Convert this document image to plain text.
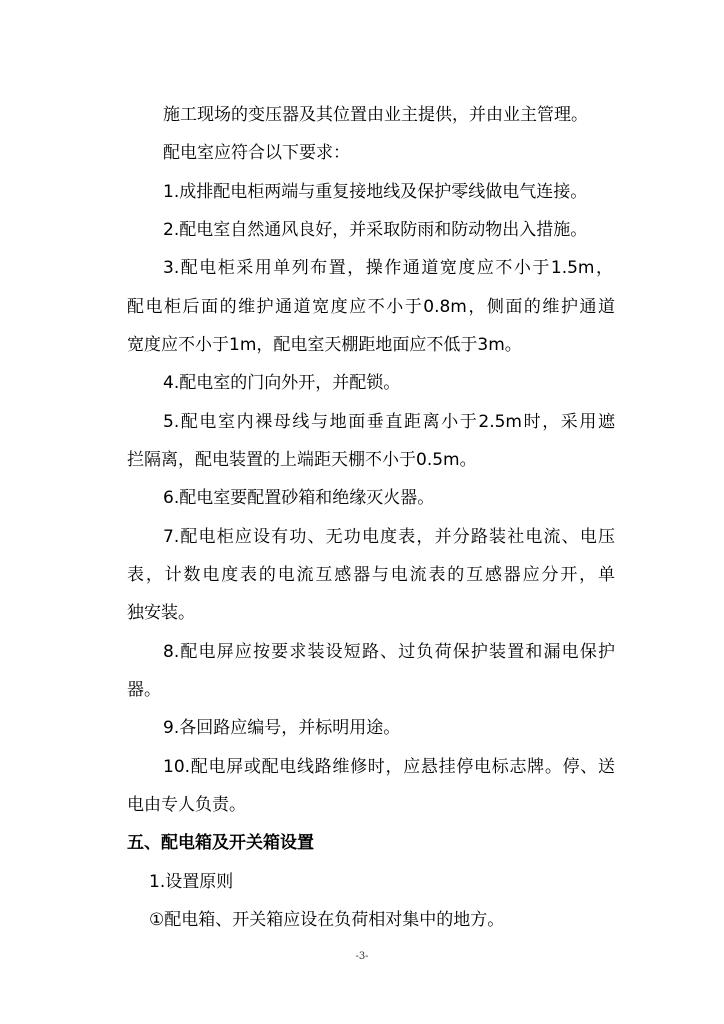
施工现场的变压器及其位置由业主提供，并由业主管理。

配电室应符合以下要求：

1.成排配电柜两端与重复接地线及保护零线做电气连接。

2.配电室自然通风良好，并采取防雨和防动物出入措施。

3.配电柜采用单列布置，操作通道宽度应不小于1.5m，

配电柜后面的维护通道宽度应不小于0.8m，侧面的维护通道

宽度应不小于1m，配电室天棚距地面应不低于3m。

4.配电室的门向外开，并配锁。

5.配电室内裸母线与地面垂直距离小于2.5m时，采用遮

拦隔离，配电装置的上端距天棚不小于0.5m。

6.配电室要配置砂箱和绝缘灭火器。

7.配电柜应设有功、无功电度表，并分路装社电流、电压

表，计数电度表的电流互感器与电流表的互感器应分开，单

独安装。

8.配电屏应按要求装设短路、过负荷保护装置和漏电保护

器。

9.各回路应编号，并标明用途。

10.配电屏或配电线路维修时，应悬挂停电标志牌。停、送

电由专人负责。

五、配电箱及开关箱设置

1.设置原则

①配电箱、开关箱应设在负荷相对集中的地方。

-3-
